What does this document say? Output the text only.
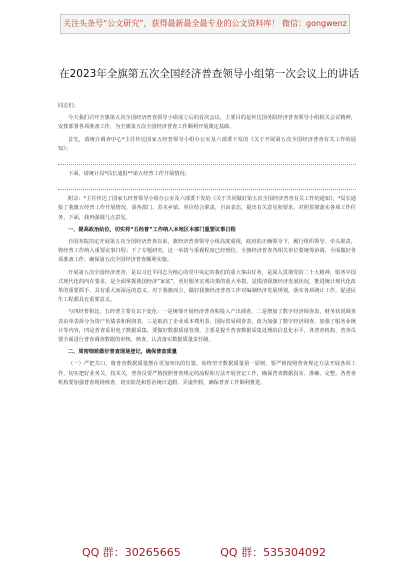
关注头条号“公文研究”，获得最新最全最专业的公文资料库！ 微信：gongwenz
在2023年全旗第五次全国经济普查领导小组第一次会议上的讲话

同志们：

今天我们召开全旗第五次全国经济普查领导小组成立后的首次会议，主要目的是传达国务院经济普查领导小组相关会议精神，安排部署各项准备工作，为全旗第五次全国经济普查工作顺利开展奠定基础。

首先，请统计调查中心*主任传达国家五经普领导小组办公室及六部委下发的《关于开展第五次全国经济普查有关工作的通知》；

下面，请统计局*局长通报**第五经普工作开展情况；

附录：*主任传达了国家五经普领导小组办公室及六部委下发的《关于共同做好第五次全国经济普查有关工作的通知》，*局长通报了我旗五经普工作开展情况，请各部门、苏木乡镇、单位结合职责，自由表态，提出有关意见和要求，对照贯彻落实各项工作任务、下面，我再强调几点意见。

一、提高政治站位，切实将“五经普”工作纳入本地区本部门重要议事日程

自国务院决定开展第五次全国经济普查以来，旗经济普查领导小组高度重视，政府的正确领导下，履行组织领导、牵头职责，将经普工作纳入重要议事日程；下了专题研究，这一举措与重视程度已经到位，全旗经济普查各相关单位要统筹协调、全面做好各项准备工作，确保第五次全国经济普查顺利实施。

开展第五次全国经济普查，是以习近平同志为核心的党中央定的我们的重大事由任务，是深入贯彻党的二十大精神，服务中国式现代化的内在要求，是全面掌握我国经济“家底”，更好服务宏观决策的重大举措，是摸清我旗经济发展状况，推进统计现代化改革的重要抓手，具有重大而深远的意义。对于我旗而言，做好我旗经济普查工作对编制经济发展规划，落实各项统计工作，促进民生工程都具有重要意义。

与四经普相比，五经普主要有以下变化：一是统筹开展经济普查和投入产出调查，二是增加了数字经济调查表，财务状况调查表由单表拆分为资产负债表和利润表，三是取消了企业成本费用表、国际贸易调查表，改为加强了数字经济调查、加强了服务业统计等内容，四是普查采用电子数据采集，要做好数据质量管理，主要是提升普查数据采集处理的信息化水平，各普查机构、普查员要全面进行普查调查数据的审核、核查，认真落实数据质量责任制。

二、周密细致做好普查现场登记，确保普查质量

（一）严把关口，将普查数据质量摆在更加突出的位置。始终坚守数据质量第一原则，要严格按照普查规定方法开展各项工作，切实把好业务关、技术关，普查员要严格按照普查规定的流程和方法开展登记工作，确保普查数据真实、准确、完整。各普查机构要加强普查现场核查，切实防范和惩治统计造假、弄虚作假，确保普查工作顺利推进。

QQ 群：30265665	QQ 群：535304092
